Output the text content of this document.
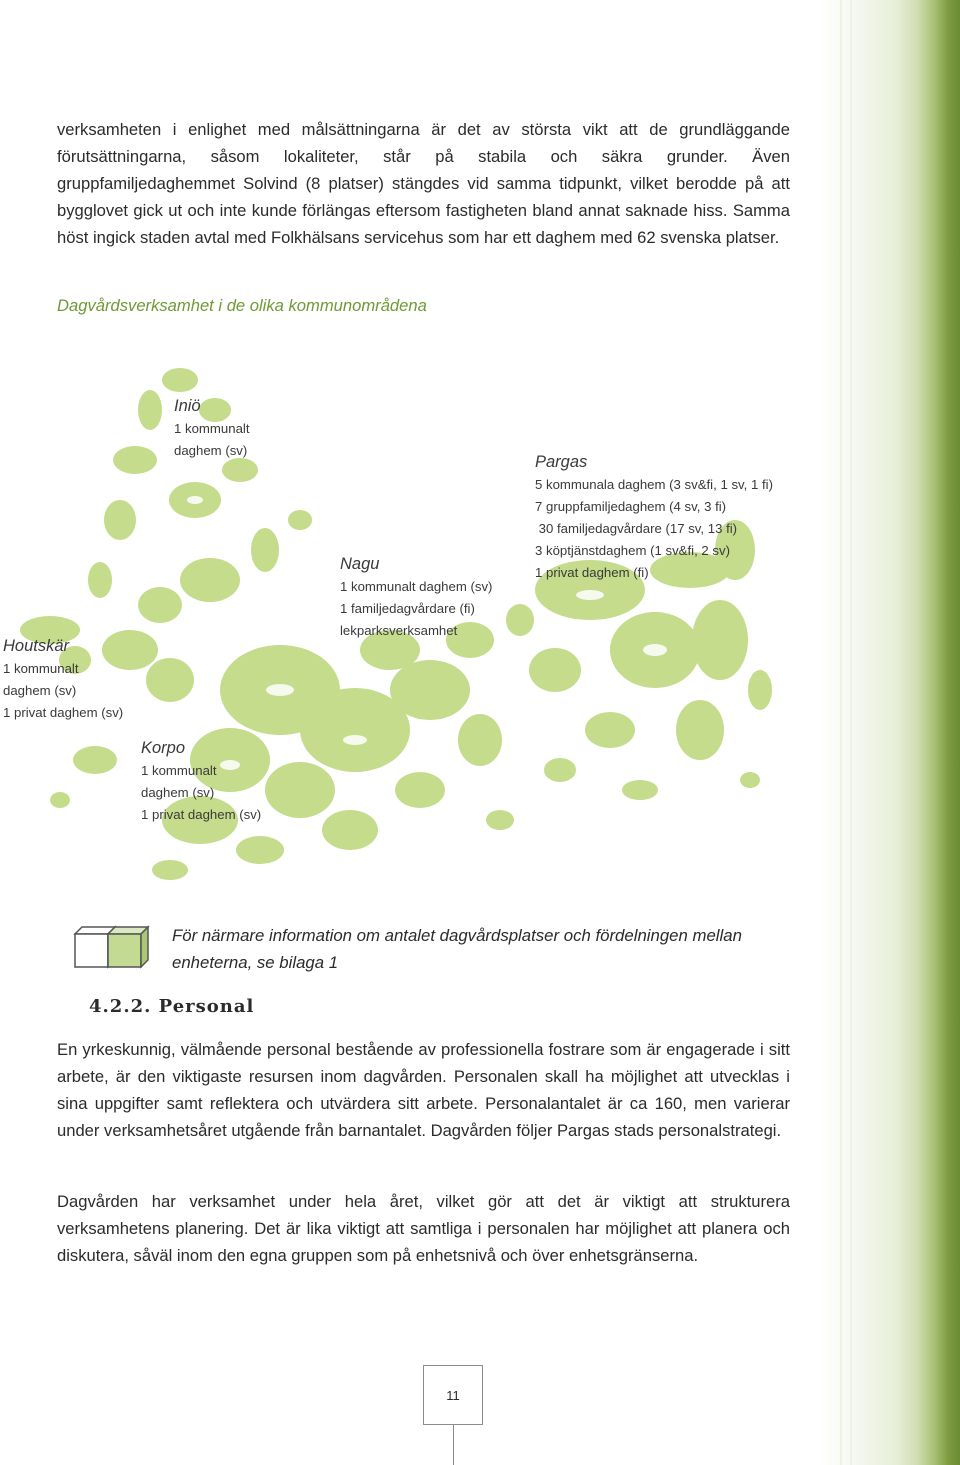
verksamheten i enlighet med målsättningarna är det av största vikt att de grundläggande förutsättningarna, såsom lokaliteter, står på stabila och säkra grunder. Även gruppfamiljedaghemmet Solvind (8 platser) stängdes vid samma tidpunkt, vilket berodde på att bygglovet gick ut och inte kunde förlängas eftersom fastigheten bland annat saknade hiss. Samma höst ingick staden avtal med Folkhälsans servicehus som har ett daghem med 62 svenska platser.

Dagvårdsverksamhet i de olika kommunområdena

Iniö
1 kommunalt
daghem (sv)
Pargas
5 kommunala daghem (3 sv&fi, 1 sv, 1 fi)
7 gruppfamiljedaghem (4 sv, 3 fi)
30 familjedagvårdare (17 sv, 13 fi)
3 köptjänstdaghem (1 sv&fi, 2 sv)
1 privat daghem (fi)
Nagu
1 kommunalt daghem (sv)
1 familjedagvårdare (fi)
lekparksverksamhet
Houtskär
1 kommunalt
daghem (sv)
1 privat daghem (sv)
Korpo
1 kommunalt
daghem (sv)
1 privat daghem (sv)

För närmare information om antalet dagvårdsplatser och fördelningen mellan enheterna, se bilaga 1

4.2.2. Personal

En yrkeskunnig, välmående personal bestående av professionella fostrare som är engagerade i sitt arbete, är den viktigaste resursen inom dagvården. Personalen skall ha möjlighet att utvecklas i sina uppgifter samt reflektera och utvärdera sitt arbete. Personalantalet är ca 160, men varierar under verksamhetsåret utgående från barnantalet. Dagvården följer Pargas stads personalstrategi.

Dagvården har verksamhet under hela året, vilket gör att det är viktigt att strukturera verksamhetens planering. Det är lika viktigt att samtliga i personalen har möjlighet att planera och diskutera, såväl inom den egna gruppen som på enhetsnivå och över enhetsgränserna.

11
